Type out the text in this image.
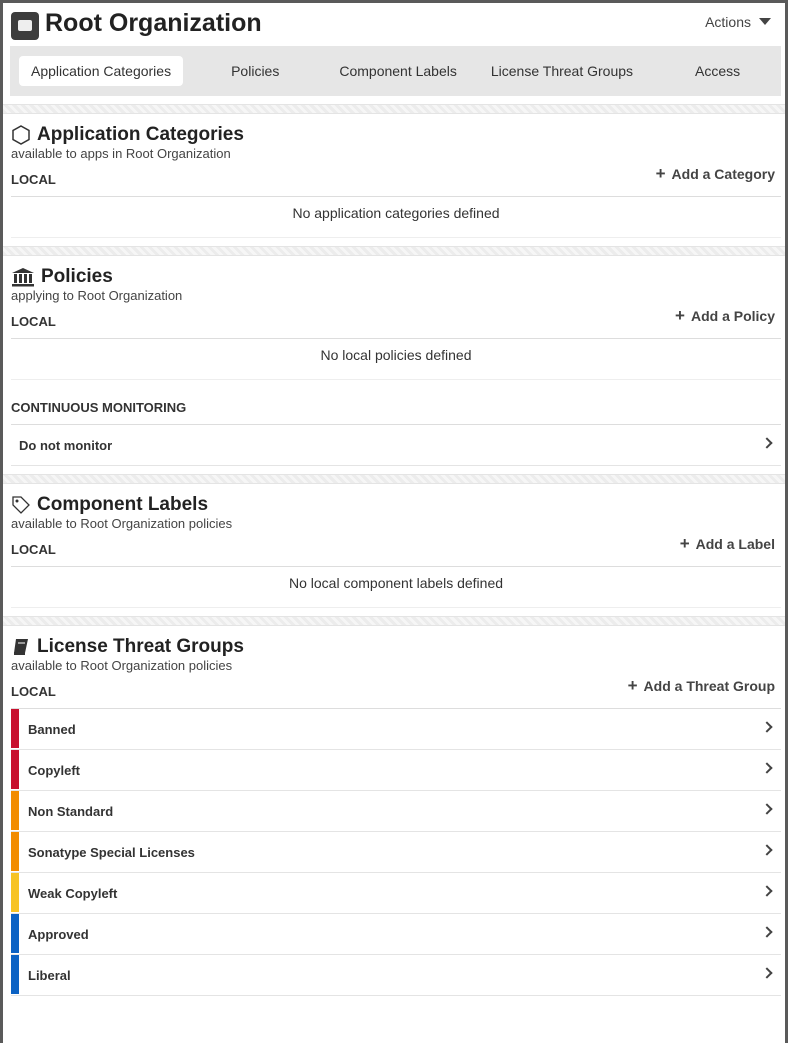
Root Organization	Actions
Application Categories	Policies	Component Labels	License Threat Groups	Access
Application Categories
available to apps in Root Organization
LOCAL	+ Add a Category
No application categories defined
Policies
applying to Root Organization
LOCAL	+ Add a Policy
No local policies defined
CONTINUOUS MONITORING
Do not monitor
Component Labels
available to Root Organization policies
LOCAL	+ Add a Label
No local component labels defined
License Threat Groups
available to Root Organization policies
LOCAL	+ Add a Threat Group
Banned
Copyleft
Non Standard
Sonatype Special Licenses
Weak Copyleft
Approved
Liberal
